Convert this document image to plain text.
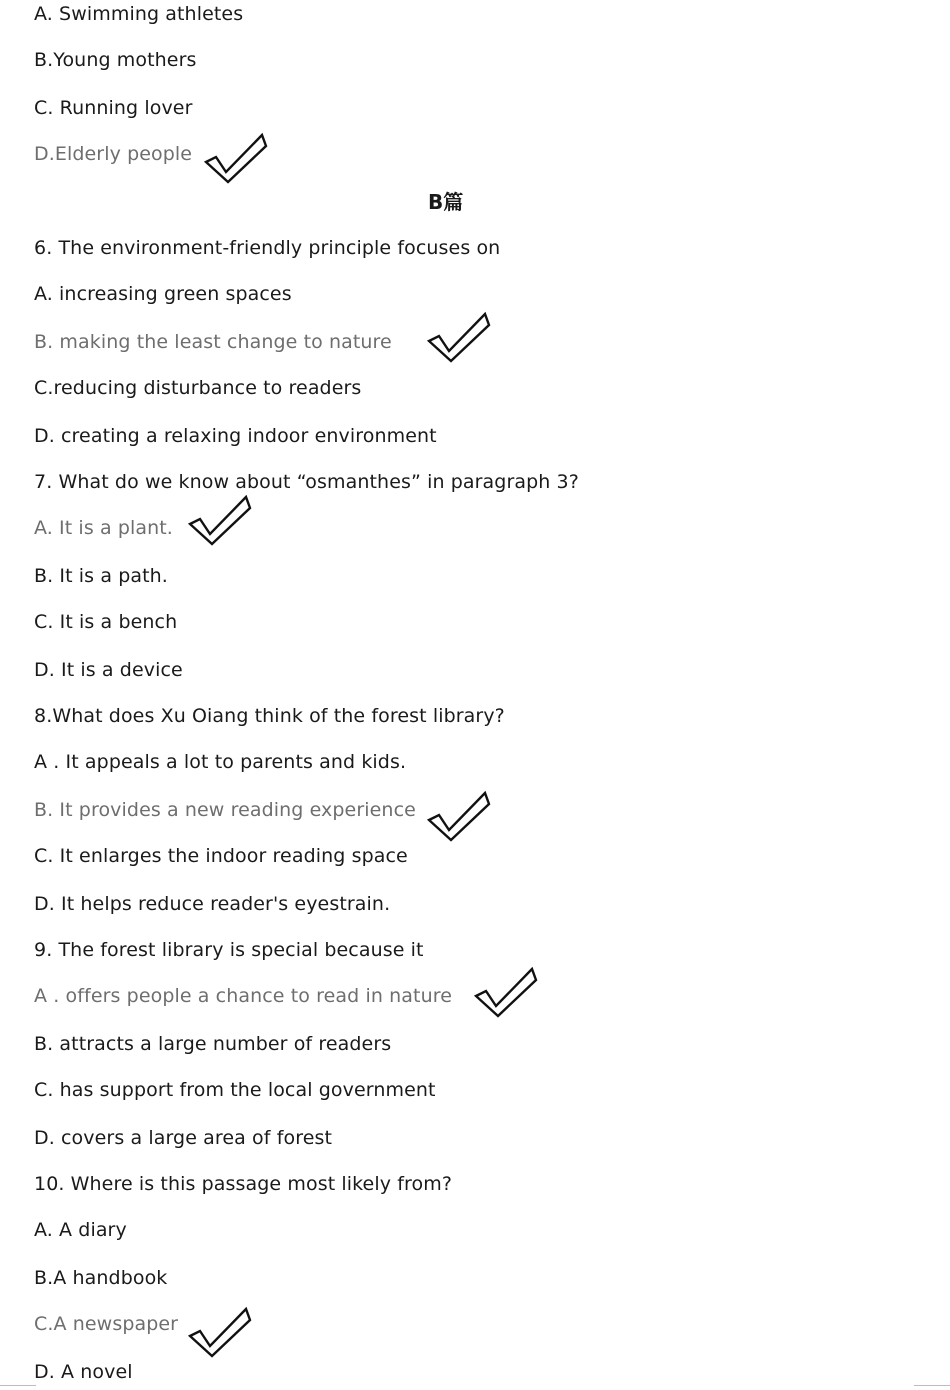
A. Swimming athletes
B.Young mothers
C. Running lover
D.Elderly people
B篇
6. The environment-friendly principle focuses on
A. increasing green spaces
B. making the least change to nature
C.reducing disturbance to readers
D. creating a relaxing indoor environment
7. What do we know about “osmanthes” in paragraph 3?
A. It is a plant.
B. It is a path.
C. It is a bench
D. It is a device
8.What does Xu Oiang think of the forest library?
A . It appeals a lot to parents and kids.
B. It provides a new reading experience
C. It enlarges the indoor reading space
D. It helps reduce reader's eyestrain.
9. The forest library is special because it
A . offers people a chance to read in nature
B. attracts a large number of readers
C. has support from the local government
D. covers a large area of forest
10. Where is this passage most likely from?
A. A diary
B.A handbook
C.A newspaper
D. A novel
